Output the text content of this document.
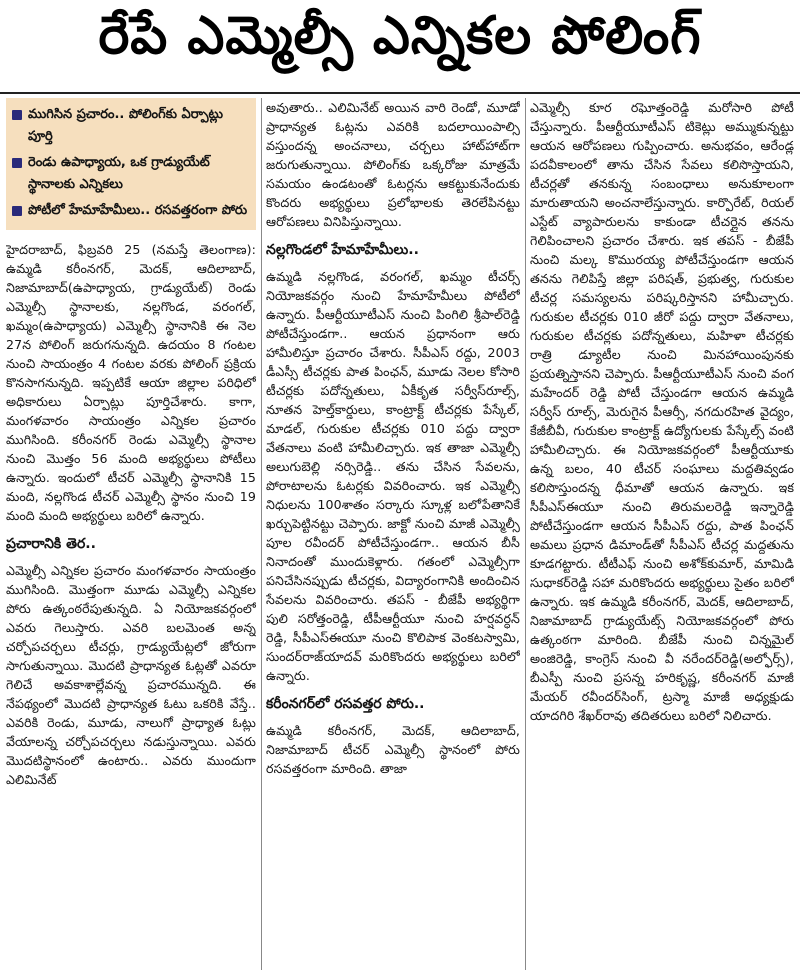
రేపే ఎమ్మెల్సీ ఎన్నికల పోలింగ్
ముగిసిన ప్రచారం.. పోలింగ్‌కు ఏర్పాట్లు పూర్తి
రెండు ఉపాధ్యాయ, ఒక గ్రాడ్యుయేట్ స్థానాలకు ఎన్నికలు
పోటీలో హేమాహేమీలు.. రసవత్తరంగా పోరు

హైదరాబాద్, ఫిబ్రవరి 25 (నమస్తే తెలంగాణ): ఉమ్మడి కరీంనగర్, మెదక్, ఆదిలాబాద్, నిజామాబాద్(ఉపాధ్యాయ, గ్రాడ్యుయేట్) రెండు ఎమ్మెల్సీ స్థానాలకు, నల్లగొండ, వరంగల్, ఖమ్మం(ఉపాధ్యాయ) ఎమ్మెల్సీ స్థానానికి ఈ నెల 27న పోలింగ్ జరుగనున్నది. ఉదయం 8 గంటల నుంచి సాయంత్రం 4 గంటల వరకు పోలింగ్ ప్రక్రియ కొనసాగనున్నది. ఇప్పటికే ఆయా జిల్లాల పరిధిలో అధికారులు ఏర్పాట్లు పూర్తిచేశారు. కాగా, మంగళవారం సాయంత్రం ఎన్నికల ప్రచారం ముగిసింది. కరీంనగర్ రెండు ఎమ్మెల్సీ స్థానాల నుంచి మొత్తం 56 మంది అభ్యర్థులు పోటీలు ఉన్నారు. ఇందులో టీచర్ ఎమ్మెల్సీ స్థానానికి 15 మంది, నల్లగొండ టీచర్ ఎమ్మెల్సీ స్థానం నుంచి 19 మంది మంది అభ్యర్థులు బరిలో ఉన్నారు.

ప్రచారానికి తెర..

ఎమ్మెల్సీ ఎన్నికల ప్రచారం మంగళవారం సాయంత్రం ముగిసింది. మొత్తంగా మూడు ఎమ్మెల్సీ ఎన్నికల పోరు ఉత్కంఠరేపుతున్నది. ఏ నియోజకవర్గంలో ఎవరు గెలుస్తారు. ఎవరి బలమెంత అన్న చర్చోపచర్చలు టీచర్లు, గ్రాడ్యుయేట్లలో జోరుగా సాగుతున్నాయి. మొదటి ప్రాధాన్యత ఓట్లతో ఎవరూ గెలిచే అవకాశాల్లేవన్న ప్రచారమున్నది. ఈ నేపథ్యంలో మొదటి ప్రాధాన్యత ఓటు ఒకరికి వేస్తే.. ఎవరికి రెండు, మూడు, నాలుగో ప్రాధ్యాత ఓట్లు వేయాలన్న చర్చోపచర్చలు నడుస్తున్నాయి. ఎవరు మొదటిస్థానంలో ఉంటారు.. ఎవరు ముందుగా ఎలిమినేట్

అవుతారు.. ఎలిమినేట్ అయిన వారి రెండో, మూడో ప్రాధాన్యత ఓట్లను ఎవరికి బదలాయింపాల్సి వస్తుందన్న అంచనాలు, చర్చలు హాట్‌హాట్‌గా జరుగుతున్నాయి. పోలింగ్‌కు ఒక్కరోజు మాత్రమే సమయం ఉండటంతో ఓటర్లను ఆకట్టుకునేందుకు కొందరు అభ్యర్థులు ప్రలోభాలకు తెరలేపినట్టు ఆరోపణలు వినిపిస్తున్నాయి.

నల్లగొండలో హేమాహేమీలు..

ఉమ్మడి నల్లగొండ, వరంగల్, ఖమ్మం టీచర్స్ నియోజకవర్గం నుంచి హేమాహేమీలు పోటీలో ఉన్నారు. పీఆర్టీయూటీఎస్ నుంచి పింగిలి శ్రీపాల్‌రెడ్డి పోటీచేస్తుండగా.. ఆయన ప్రధానంగా ఆరు హామీలిస్తూ ప్రచారం చేశారు. సీపీఎస్ రద్దు, 2003 డీఎస్సీ టీచర్లకు పాత పింఛన్, మూడు నెలల కోసారి టీచర్లకు పదోన్నతులు, ఏకీకృత సర్వీస్‌రూల్స్, నూతన హెల్త్‌కార్డులు, కాంట్రాక్ట్ టీచర్లకు పేస్కేల్, మాడల్, గురుకుల టీచర్లకు 010 పద్దు ద్వారా వేతనాలు వంటి హామీలిచ్చారు. ఇక తాజా ఎమ్మెల్సీ అలుగుబెల్లి నర్సిరెడ్డి.. తను చేసిన సేవలను, పోరాటాలను ఓటర్లకు వివరించారు. ఇక ఎమ్మెల్సీ నిధులను 100శాతం సర్కారు స్కూళ్ల బలోపేతానికే ఖర్చుపెట్టినట్టు చెప్పారు. జాక్టో నుంచి మాజీ ఎమ్మెల్సీ పూల రవీందర్ పోటీచేస్తుండగా.. ఆయన బీసీ నినాదంతో ముందుకెళ్లారు. గతంలో ఎమ్మెల్సీగా పనిచేసినప్పుడు టీచర్లకు, విద్యారంగానికి అందించిన సేవలను వివరించారు. తపస్ - బీజేపీ అభ్యర్థిగా పులి సరోత్తంరెడ్డి, టీపీఆర్టీయూ నుంచి హర్షవర్ధన్ రెడ్డి, సీపీఎస్‌ఈయూ నుంచి కొలిపాక వెంకటస్వామి, సుందర్‌రాజ్‌యాదవ్ మరికొందరు అభ్యర్థులు బరిలో ఉన్నారు.

కరీంనగర్‌లో రసవత్తర పోరు..

ఉమ్మడి కరీంనగర్, మెదక్, ఆదిలాబాద్, నిజామాబాద్ టీచర్ ఎమ్మెల్సీ స్థానంలో పోరు రసవత్తరంగా మారింది. తాజా

ఎమ్మెల్సీ కూర రఘోత్తంరెడ్డి మరోసారి పోటీ చేస్తున్నారు. పీఆర్టీయూటీఎస్ టికెట్లు అమ్ముకున్నట్టు ఆయన ఆరోపణలు గుప్పించారు. అనుభవం, ఆరేండ్ల పదవీకాలంలో తాను చేసిన సేవలు కలిసొస్తాయని, టీచర్లతో తనకున్న సంబంధాలు అనుకూలంగా మారుతాయని అంచనాలేస్తున్నారు. కార్పొరేట్, రియల్ ఎస్టేట్ వ్యాపారులను కాకుండా టీచర్లైన తనను గెలిపించాలని ప్రచారం చేశారు. ఇక తపస్ - బీజేపీ నుంచి మల్క కొమురయ్య పోటీచేస్తుండగా ఆయన తనను గెలిపిస్తే జిల్లా పరిషత్, ప్రభుత్వ, గురుకుల టీచర్ల సమస్యలను పరిష్కరిస్తానని హామీచ్చారు. గురుకుల టీచర్లకు 010 జీరో పద్దు ద్వారా వేతనాలు, గురుకుల టీచర్లకు పదోన్నతులు, మహిళా టీచర్లకు రాత్రి డ్యూటీల నుంచి మినహాయింపునకు ప్రయత్నిస్తానని చెప్పారు. పీఆర్టీయూటీఎస్ నుంచి వంగ మహేందర్ రెడ్డి పోటీ చేస్తుండగా ఆయన ఉమ్మడి సర్వీస్ రూల్స్, మెరుగైన పీఆర్సీ, నగదురహిత వైద్యం, కేజీబీవీ, గురుకుల కాంట్రాక్ట్ ఉద్యోగులకు పేస్కేల్స్ వంటి హామీలిచ్చారు. ఈ నియోజకవర్గంలో పీఆర్టీయూకు ఉన్న బలం, 40 టీచర్ సంఘాలు మద్దతివ్వడం కలిసొస్తుందన్న ధీమాతో ఆయన ఉన్నారు. ఇక సీపీఎస్‌ఈయూ నుంచి తిరుమలరెడ్డి ఇన్నారెడ్డి పోటీచేస్తుండగా ఆయన సీపీఎస్ రద్దు, పాత పింఛన్ అమలు ప్రధాన డిమాండ్‌తో సీపీఎస్ టీచర్ల మద్దతును కూడగట్టారు. టీటీఎఫ్ నుంచి అశోక్‌కుమార్, మామిడి సుధాకర్‌రెడ్డి సహా మరికొందరు అభ్యర్థులు సైతం బరిలో ఉన్నారు. ఇక ఉమ్మడి కరీంనగర్, మెదక్, ఆదిలాబాద్, నిజామాబాద్ గ్రాడ్యుయేట్స్ నియోజకవర్గంలో పోరు ఉత్కంఠగా మారింది. బీజేపీ నుంచి చిన్నమైల్ అంజిరెడ్డి, కాంగ్రెస్ నుంచి వీ నరేందర్‌రెడ్డి(అల్ఫోర్స్), బీఎస్పీ నుంచి ప్రసన్న హరికృష్ణ, కరీంనగర్ మాజీ మేయర్ రవీందర్‌సింగ్, ట్రస్మా మాజీ అధ్యక్షుడు యాదగిరి శేఖర్‌రావు తదితరులు బరిలో నిలిచారు.
